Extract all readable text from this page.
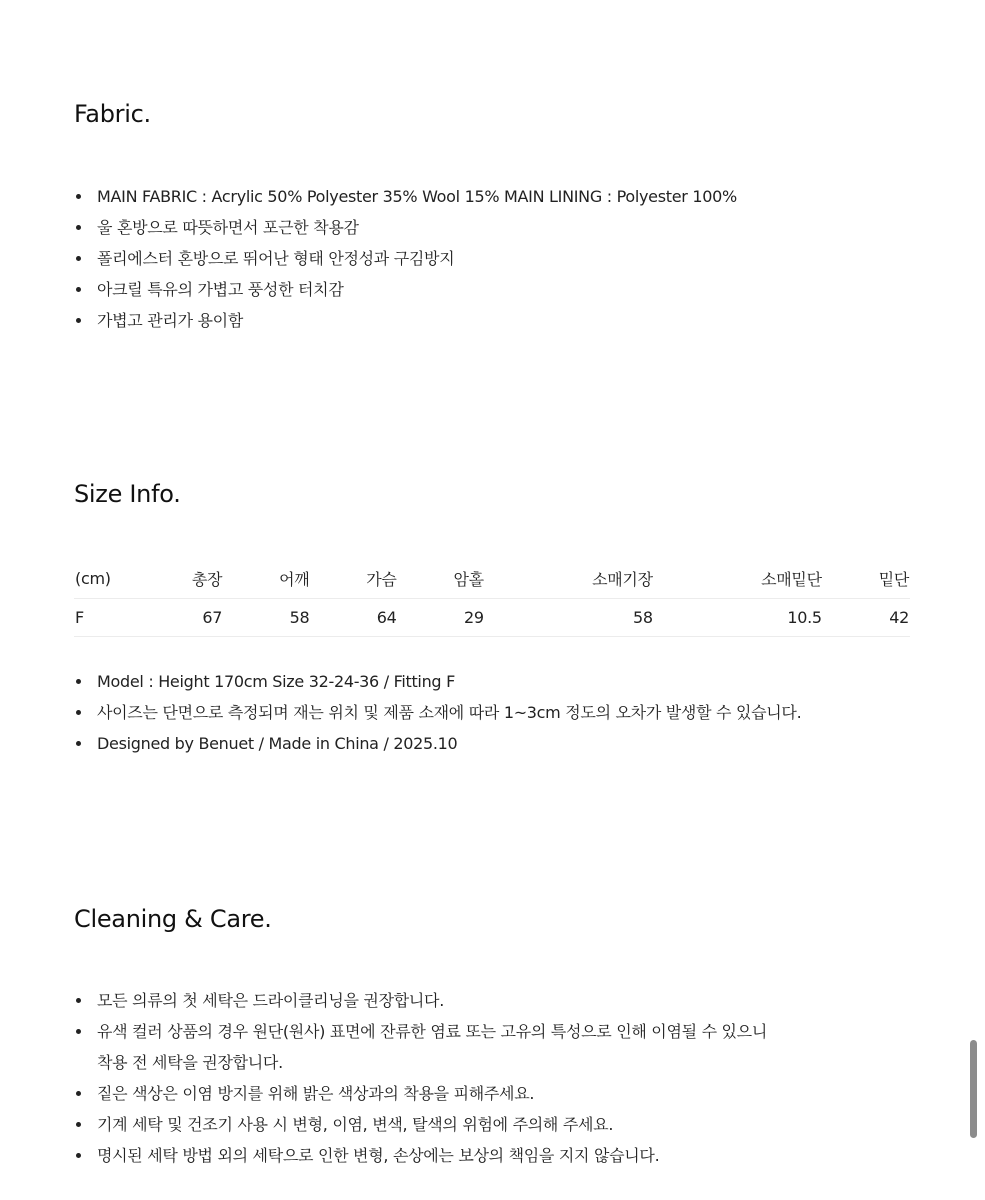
Fabric.
MAIN FABRIC : Acrylic 50% Polyester 35% Wool 15% MAIN LINING : Polyester 100%
울 혼방으로 따뜻하면서 포근한 착용감
폴리에스터 혼방으로 뛰어난 형태 안정성과 구김방지
아크릴 특유의 가볍고 풍성한 터치감
가볍고 관리가 용이함
Size Info.
(cm)	총장	어깨	가슴	암홀	소매기장	소매밑단	밑단
F	67	58	64	29	58	10.5	42
Model : Height 170cm Size 32-24-36 / Fitting F
사이즈는 단면으로 측정되며 재는 위치 및 제품 소재에 따라 1~3cm 정도의 오차가 발생할 수 있습니다.
Designed by Benuet / Made in China / 2025.10
Cleaning & Care.
모든 의류의 첫 세탁은 드라이클리닝을 권장합니다.
유색 컬러 상품의 경우 원단(원사) 표면에 잔류한 염료 또는 고유의 특성으로 인해 이염될 수 있으니
착용 전 세탁을 권장합니다.
짙은 색상은 이염 방지를 위해 밝은 색상과의 착용을 피해주세요.
기계 세탁 및 건조기 사용 시 변형, 이염, 변색, 탈색의 위험에 주의해 주세요.
명시된 세탁 방법 외의 세탁으로 인한 변형, 손상에는 보상의 책임을 지지 않습니다.
